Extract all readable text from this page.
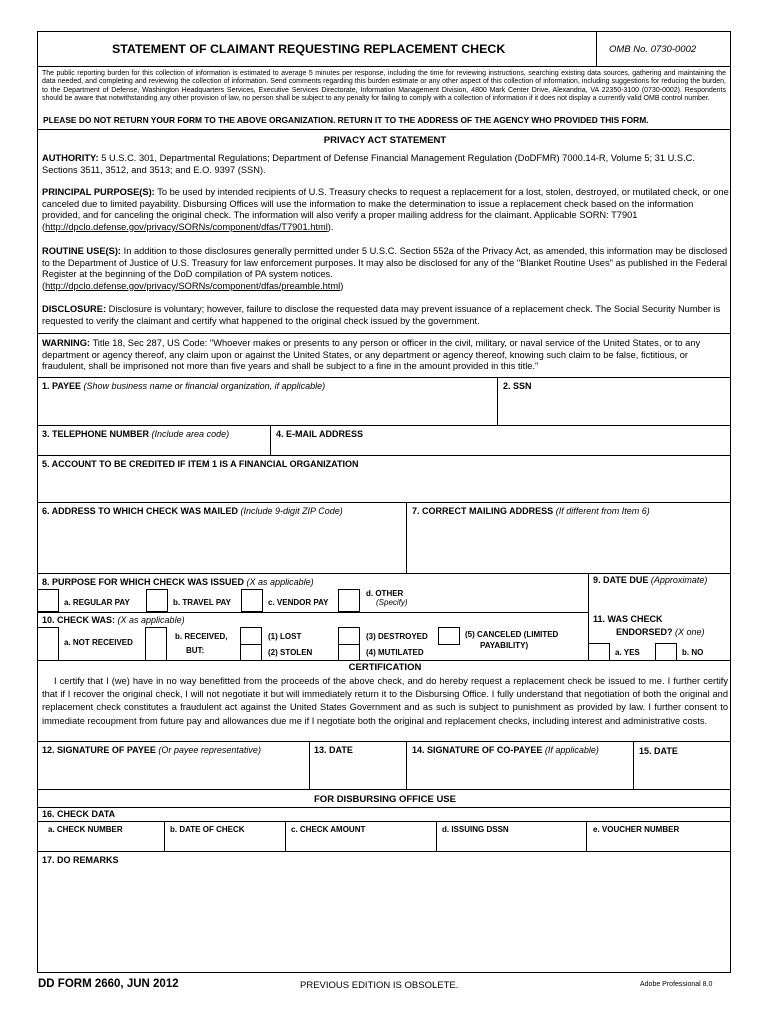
STATEMENT OF CLAIMANT REQUESTING REPLACEMENT CHECK	OMB No. 0730-0002
The public reporting burden for this collection of information is estimated to average 5 minutes per response, including the time for reviewing instructions, searching existing data sources, gathering and maintaining the data needed, and completing and reviewing the collection of information. Send comments regarding this burden estimate or any other aspect of this collection of information, including suggestions for reducing the burden, to the Department of Defense, Washington Headquarters Services, Executive Services Directorate, Information Management Division, 4800 Mark Center Drive, Alexandria, VA 22350-3100 (0730-0002). Respondents should be aware that notwithstanding any other provision of law, no person shall be subject to any penalty for failing to comply with a collection of information if it does not display a currently valid OMB control number.
PLEASE DO NOT RETURN YOUR FORM TO THE ABOVE ORGANIZATION. RETURN IT TO THE ADDRESS OF THE AGENCY WHO PROVIDED THIS FORM.
PRIVACY ACT STATEMENT

AUTHORITY: 5 U.S.C. 301, Departmental Regulations; Department of Defense Financial Management Regulation (DoDFMR) 7000.14-R, Volume 5; 31 U.S.C. Sections 3511, 3512, and 3513; and E.O. 9397 (SSN).

PRINCIPAL PURPOSE(S): To be used by intended recipients of U.S. Treasury checks to request a replacement for a lost, stolen, destroyed, or mutilated check, or one canceled due to limited payability. Disbursing Offices will use the information to make the determination to issue a replacement check based on the information provided, and for canceling the original check. The information will also verify a proper mailing address for the claimant. Applicable SORN: T7901 (http://dpclo.defense.gov/privacy/SORNs/component/dfas/T7901.html).

ROUTINE USE(S): In addition to those disclosures generally permitted under 5 U.S.C. Section 552a of the Privacy Act, as amended, this information may be disclosed to the Department of Justice of U.S. Treasury for law enforcement purposes. It may also be disclosed for any of the "Blanket Routine Uses" as published in the Federal Register at the beginning of the DoD compilation of PA system notices.
(http://dpclo.defense.gov/privacy/SORNs/component/dfas/preamble.html)

DISCLOSURE: Disclosure is voluntary; however, failure to disclose the requested data may prevent issuance of a replacement check. The Social Security Number is requested to verify the claimant and certify what happened to the original check issued by the government.

WARNING: Title 18, Sec 287, US Code: "Whoever makes or presents to any person or officer in the civil, military, or naval service of the United States, or to any department or agency thereof, any claim upon or against the United States, or any department or agency thereof, knowing such claim to be false, fictitious, or fraudulent, shall be imprisoned not more than five years and shall be subject to a fine in the amount provided in this title."

1. PAYEE (Show business name or financial organization, if applicable)	2. SSN
3. TELEPHONE NUMBER (Include area code)	4. E-MAIL ADDRESS
5. ACCOUNT TO BE CREDITED IF ITEM 1 IS A FINANCIAL ORGANIZATION
6. ADDRESS TO WHICH CHECK WAS MAILED (Include 9-digit ZIP Code)	7. CORRECT MAILING ADDRESS (If different from Item 6)
8. PURPOSE FOR WHICH CHECK WAS ISSUED (X as applicable)	9. DATE DUE (Approximate)
a. REGULAR PAY	b. TRAVEL PAY	c. VENDOR PAY
d. OTHER
(Specify)
10. CHECK WAS: (X as applicable)	11. WAS CHECK
ENDORSED? (X one)
a. NOT RECEIVED
b. RECEIVED,
BUT:
(1) LOST
(2) STOLEN
(3) DESTROYED
(4) MUTILATED
(5) CANCELED (LIMITED
PAYABILITY)
a. YES	b. NO
CERTIFICATION
I certify that I (we) have in no way benefitted from the proceeds of the above check, and do hereby request a replacement check be issued to me. I further certify that if I recover the original check, I will not negotiate it but will immediately return it to the Disbursing Office. I fully understand that negotiation of both the original and replacement check constitutes a fraudulent act against the United States Government and as such is subject to punishment as provided by law. I further consent to immediate recoupment from future pay and allowances due me if I negotiate both the original and replacement checks, including interest and administrative costs.
12. SIGNATURE OF PAYEE (Or payee representative)	13. DATE	14. SIGNATURE OF CO-PAYEE (If applicable)	15. DATE
FOR DISBURSING OFFICE USE
16. CHECK DATA
a. CHECK NUMBER	b. DATE OF CHECK	c. CHECK AMOUNT	d. ISSUING DSSN	e. VOUCHER NUMBER
17. DO REMARKS
DD FORM 2660, JUN 2012	PREVIOUS EDITION IS OBSOLETE.	Adobe Professional 8.0
